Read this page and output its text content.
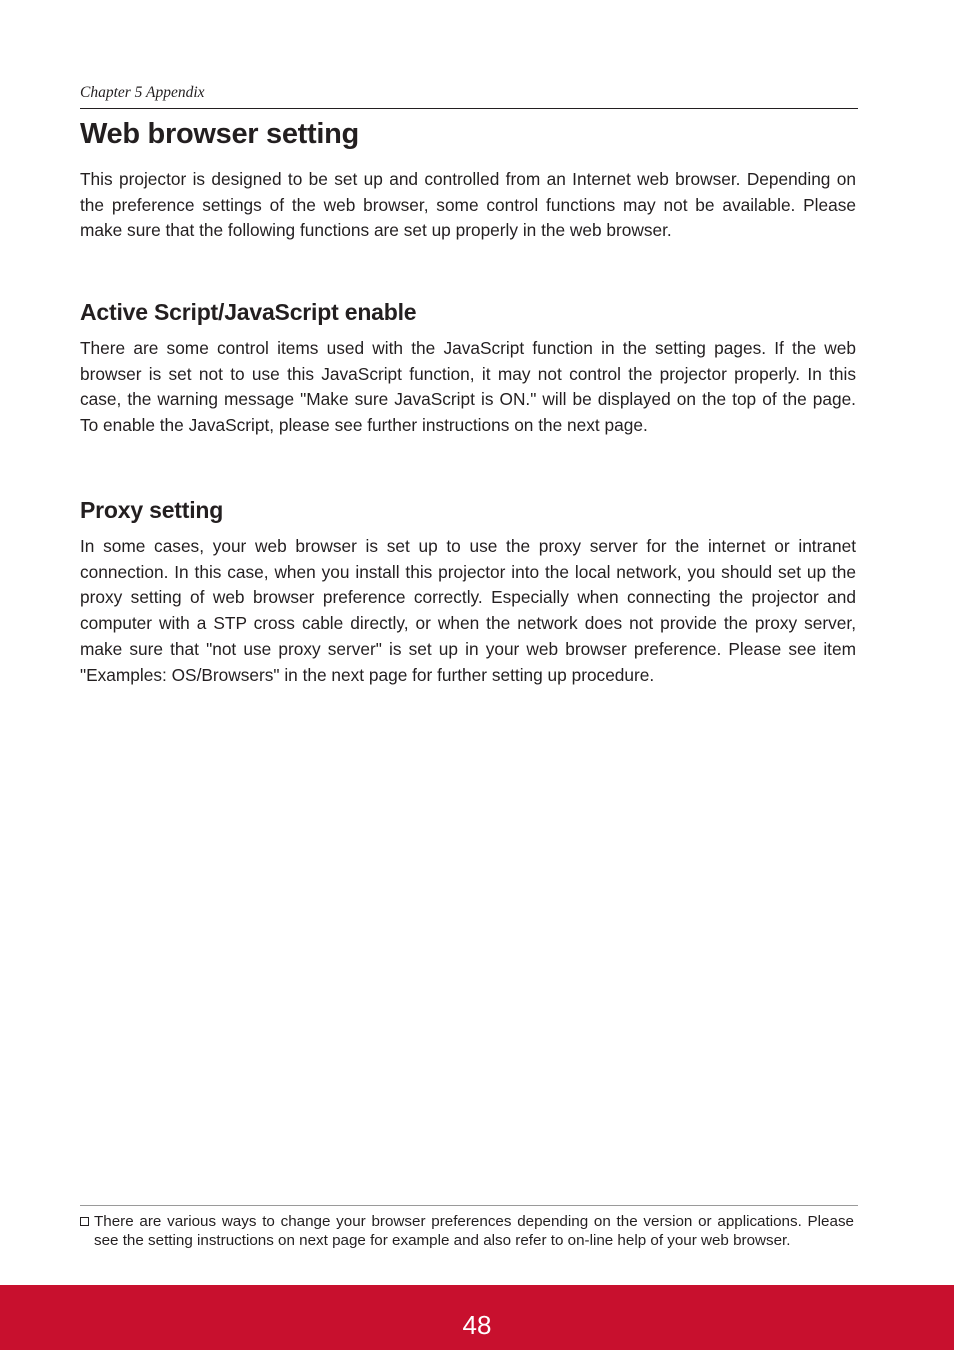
Chapter 5 Appendix
Web browser setting

This projector is designed to be set up and controlled from an Internet web browser. Depending on the preference settings of the web browser, some control functions may not be available. Please make sure that the following functions are set up properly in the web browser.

Active Script/JavaScript enable

There are some control items used with the JavaScript function in the setting pages. If the web browser is set not to use this JavaScript function, it may not control the projector properly. In this case, the warning message "Make sure JavaScript is ON." will be displayed on the top of the page. To enable the JavaScript, please see further instructions on the next page.

Proxy setting

In some cases, your web browser is set up to use the proxy server for the internet or intranet connection. In this case, when you install this projector into the local network, you should set up the proxy setting of web browser preference correctly. Especially when connecting the projector and computer with a STP cross cable directly, or when the network does not provide the proxy server, make sure that "not use proxy server" is set up in your web browser preference. Please see item "Examples: OS/Browsers" in the next page for further setting up procedure.

There are various ways to change your browser preferences depending on the version or applications. Please see the setting instructions on next page for example and also refer to on-line help of your web browser.
48
